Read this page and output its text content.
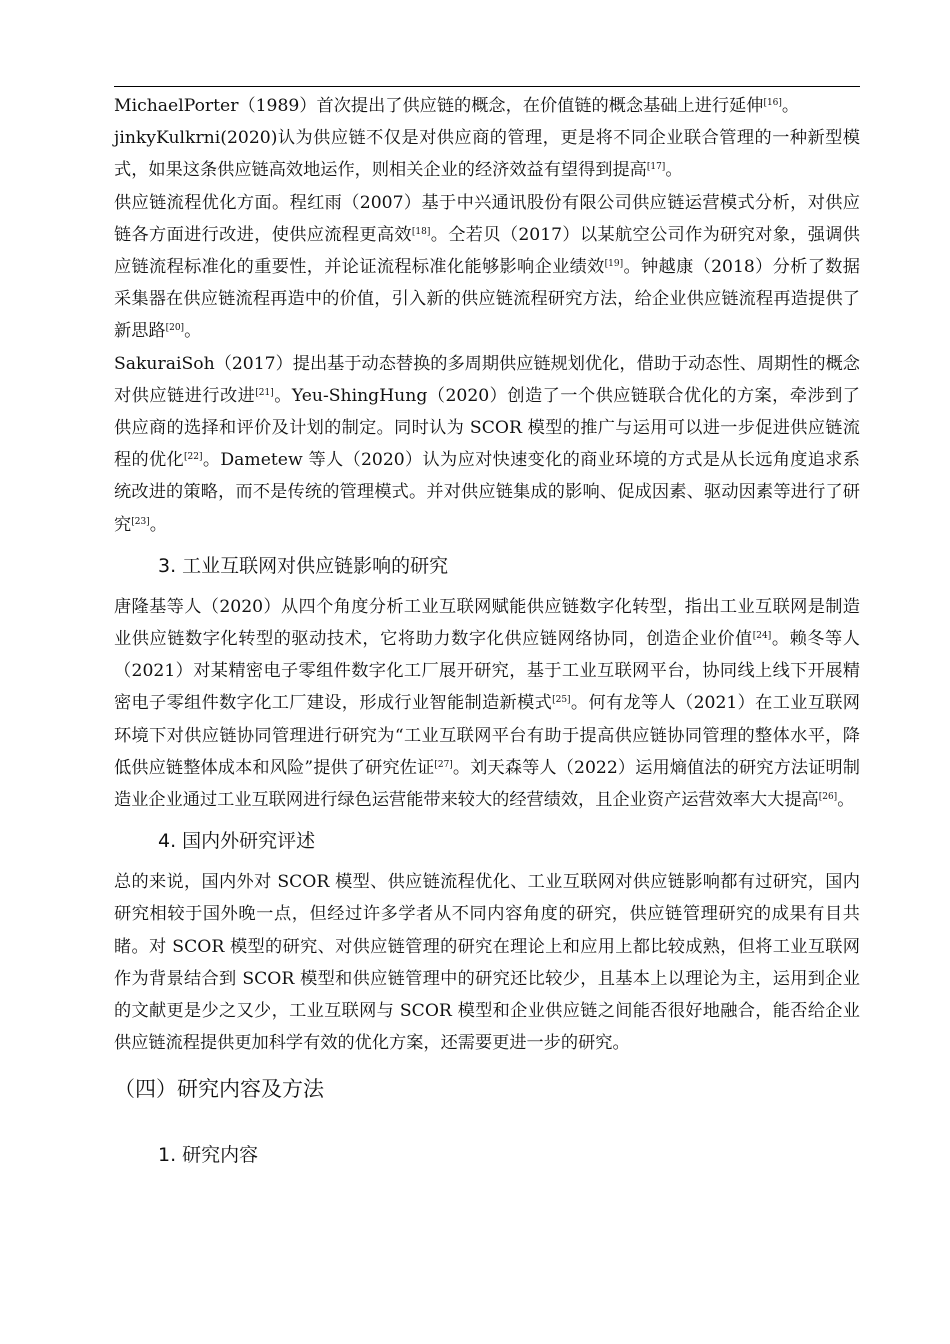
MichaelPorter（1989）首次提出了供应链的概念，在价值链的概念基础上进行延伸[16]。

jinkyKulkrni(2020)认为供应链不仅是对供应商的管理，更是将不同企业联合管理的一种新型模式，如果这条供应链高效地运作，则相关企业的经济效益有望得到提高[17]。

供应链流程优化方面。程红雨（2007）基于中兴通讯股份有限公司供应链运营模式分析，对供应链各方面进行改进，使供应流程更高效[18]。仝若贝（2017）以某航空公司作为研究对象，强调供应链流程标准化的重要性，并论证流程标准化能够影响企业绩效[19]。钟越康（2018）分析了数据采集器在供应链流程再造中的价值，引入新的供应链流程研究方法，给企业供应链流程再造提供了新思路[20]。

SakuraiSoh（2017）提出基于动态替换的多周期供应链规划优化，借助于动态性、周期性的概念对供应链进行改进[21]。Yeu-ShingHung（2020）创造了一个供应链联合优化的方案，牵涉到了供应商的选择和评价及计划的制定。同时认为 SCOR 模型的推广与运用可以进一步促进供应链流程的优化[22]。Dametew 等人（2020）认为应对快速变化的商业环境的方式是从长远角度追求系统改进的策略，而不是传统的管理模式。并对供应链集成的影响、促成因素、驱动因素等进行了研究[23]。

3. 工业互联网对供应链影响的研究

唐隆基等人（2020）从四个角度分析工业互联网赋能供应链数字化转型，指出工业互联网是制造业供应链数字化转型的驱动技术，它将助力数字化供应链网络协同，创造企业价值[24]。赖冬等人（2021）对某精密电子零组件数字化工厂展开研究，基于工业互联网平台，协同线上线下开展精密电子零组件数字化工厂建设，形成行业智能制造新模式[25]。何有龙等人（2021）在工业互联网环境下对供应链协同管理进行研究为“工业互联网平台有助于提高供应链协同管理的整体水平，降低供应链整体成本和风险”提供了研究佐证[27]。刘天森等人（2022）运用熵值法的研究方法证明制造业企业通过工业互联网进行绿色运营能带来较大的经营绩效，且企业资产运营效率大大提高[26]。

4. 国内外研究评述

总的来说，国内外对 SCOR 模型、供应链流程优化、工业互联网对供应链影响都有过研究，国内研究相较于国外晚一点，但经过许多学者从不同内容角度的研究，供应链管理研究的成果有目共睹。对 SCOR 模型的研究、对供应链管理的研究在理论上和应用上都比较成熟，但将工业互联网作为背景结合到 SCOR 模型和供应链管理中的研究还比较少，且基本上以理论为主，运用到企业的文献更是少之又少，工业互联网与 SCOR 模型和企业供应链之间能否很好地融合，能否给企业供应链流程提供更加科学有效的优化方案，还需要更进一步的研究。

（四）研究内容及方法
1. 研究内容
